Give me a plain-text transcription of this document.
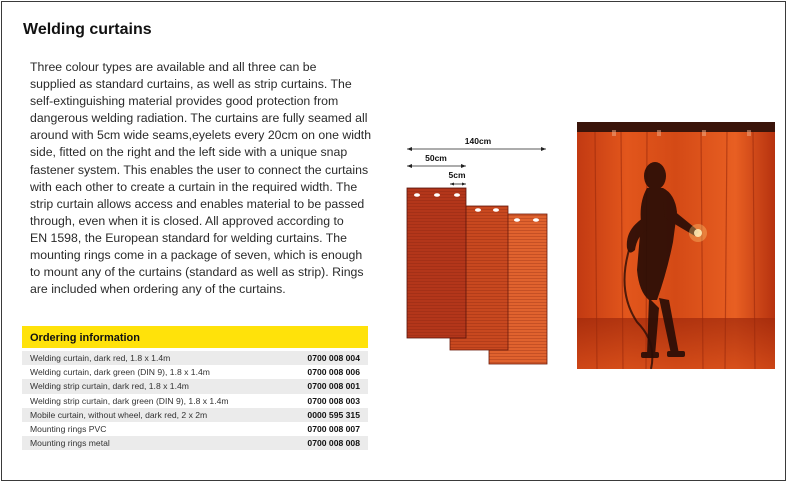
Welding curtains

Three colour types are available and all three can be
supplied as standard curtains, as well as strip curtains. The
self-extinguishing material provides good protection from
dangerous welding radiation. The curtains are fully seamed all
around with 5cm wide seams,eyelets every 20cm on one width
side, fitted on the right and the left side with a unique snap
fastener system. This enables the user to connect the curtains
with each other to create a curtain in the required width. The
strip curtain allows access and enables material to be passed
through, even when it is closed. All approved according to
EN 1598, the European standard for welding curtains. The
mounting rings come in a package of seven, which is enough
to mount any of the curtains (standard as well as strip). Rings
are included when ordering any of the curtains.

Ordering information
Welding curtain, dark red, 1.8 x 1.4m	0700 008 004
Welding curtain, dark green (DIN 9), 1.8 x 1.4m	0700 008 006
Welding strip curtain, dark red, 1.8 x 1.4m	0700 008 001
Welding strip curtain, dark green (DIN 9), 1.8 x 1.4m	0700 008 003
Mobile curtain, without wheel, dark red, 2 x 2m	0000 595 315
Mounting rings PVC	0700 008 007
Mounting rings metal	0700 008 008
140cm
50cm
5cm
